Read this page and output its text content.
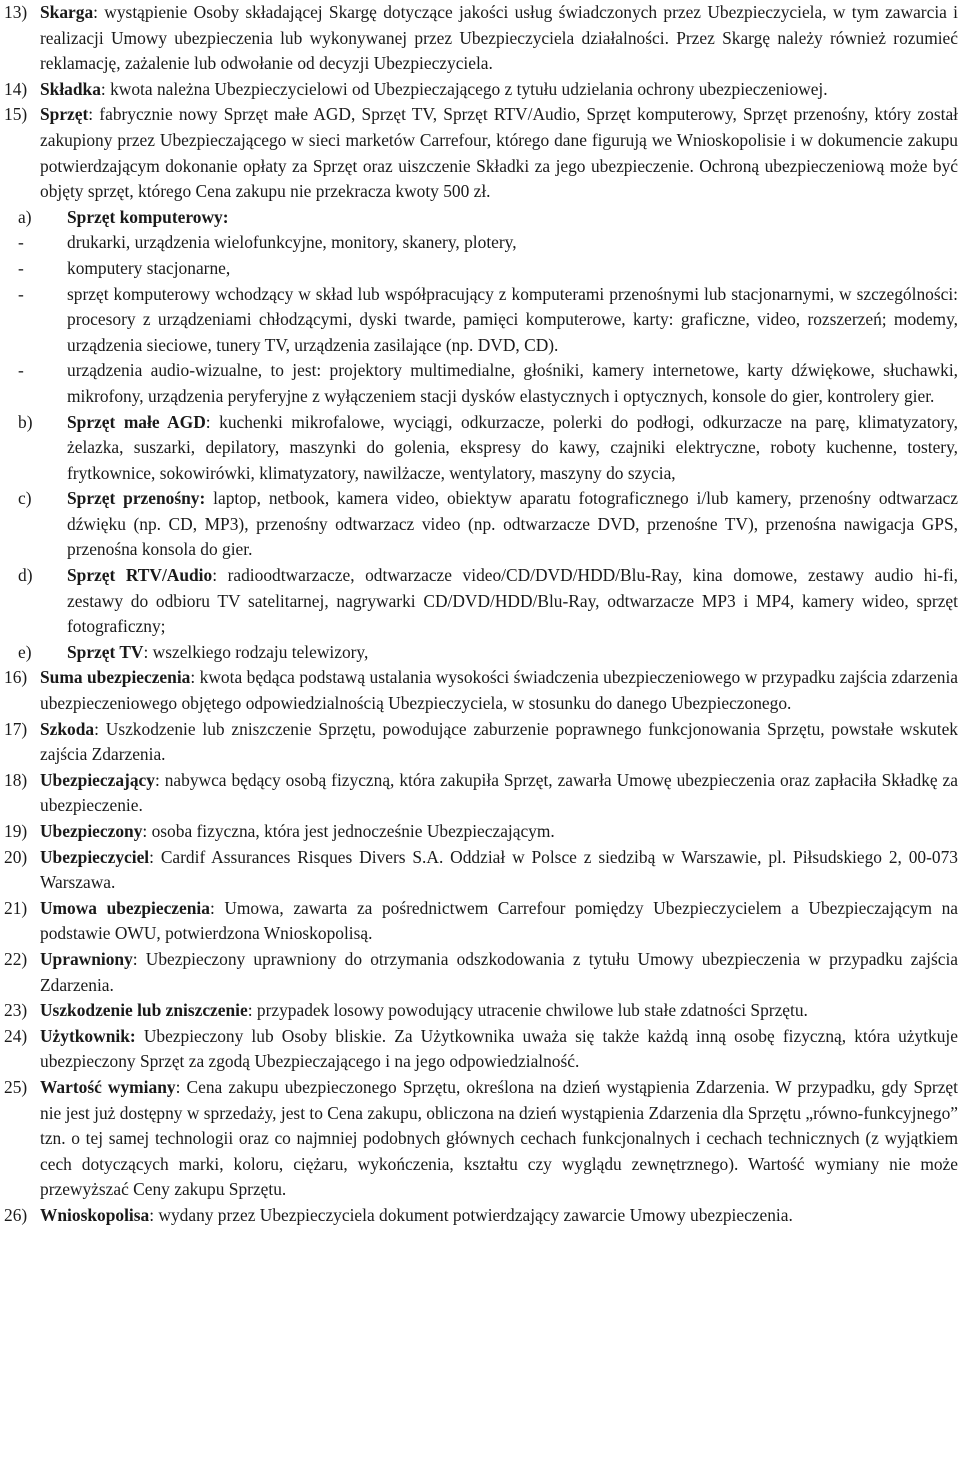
13) Skarga: wystąpienie Osoby składającej Skargę dotyczące jakości usług świadczonych przez Ubezpieczyciela, w tym zawarcia i realizacji Umowy ubezpieczenia lub wykonywanej przez Ubezpieczyciela działalności. Przez Skargę należy również rozumieć reklamację, zażalenie lub odwołanie od decyzji Ubezpieczyciela.
14) Składka: kwota należna Ubezpieczycielowi od Ubezpieczającego z tytułu udzielania ochrony ubezpieczeniowej.
15) Sprzęt: fabrycznie nowy Sprzęt małe AGD, Sprzęt TV, Sprzęt RTV/Audio, Sprzęt komputerowy, Sprzęt przenośny, który został zakupiony przez Ubezpieczającego w sieci marketów Carrefour, którego dane figurują we Wnioskopolisie i w dokumencie zakupu potwierdzającym dokonanie opłaty za Sprzęt oraz uiszczenie Składki za jego ubezpieczenie. Ochroną ubezpieczeniową może być objęty sprzęt, którego Cena zakupu nie przekracza kwoty 500 zł.
a) Sprzęt komputerowy:
- drukarki, urządzenia wielofunkcyjne, monitory, skanery, plotery,
- komputery stacjonarne,
- sprzęt komputerowy wchodzący w skład lub współpracujący z komputerami przenośnymi lub stacjonarnymi, w szczególności: procesory z urządzeniami chłodzącymi, dyski twarde, pamięci komputerowe, karty: graficzne, video, rozszerzeń; modemy, urządzenia sieciowe, tunery TV, urządzenia zasilające (np. DVD, CD).
- urządzenia audio-wizualne, to jest: projektory multimedialne, głośniki, kamery internetowe, karty dźwiękowe, słuchawki, mikrofony, urządzenia peryferyjne z wyłączeniem stacji dysków elastycznych i optycznych, konsole do gier, kontrolery gier.
b) Sprzęt małe AGD: kuchenki mikrofalowe, wyciągi, odkurzacze, polerki do podłogi, odkurzacze na parę, klimatyzatory, żelazka, suszarki, depilatory, maszynki do golenia, ekspresy do kawy, czajniki elektryczne, roboty kuchenne, tostery, frytkownice, sokowirówki, klimatyzatory, nawilżacze, wentylatory, maszyny do szycia,
c) Sprzęt przenośny: laptop, netbook, kamera video, obiektyw aparatu fotograficznego i/lub kamery, przenośny odtwarzacz dźwięku (np. CD, MP3), przenośny odtwarzacz video (np. odtwarzacze DVD, przenośne TV), przenośna nawigacja GPS, przenośna konsola do gier.
d) Sprzęt RTV/Audio: radioodtwarzacze, odtwarzacze video/CD/DVD/HDD/Blu-Ray, kina domowe, zestawy audio hi-fi, zestawy do odbioru TV satelitarnej, nagrywarki CD/DVD/HDD/Blu-Ray, odtwarzacze MP3 i MP4, kamery wideo, sprzęt fotograficzny;
e) Sprzęt TV: wszelkiego rodzaju telewizory,
16) Suma ubezpieczenia: kwota będąca podstawą ustalania wysokości świadczenia ubezpieczeniowego w przypadku zajścia zdarzenia ubezpieczeniowego objętego odpowiedzialnością Ubezpieczyciela, w stosunku do danego Ubezpieczonego.
17) Szkoda: Uszkodzenie lub zniszczenie Sprzętu, powodujące zaburzenie poprawnego funkcjonowania Sprzętu, powstałe wskutek zajścia Zdarzenia.
18) Ubezpieczający: nabywca będący osobą fizyczną, która zakupiła Sprzęt, zawarła Umowę ubezpieczenia oraz zapłaciła Składkę za ubezpieczenie.
19) Ubezpieczony: osoba fizyczna, która jest jednocześnie Ubezpieczającym.
20) Ubezpieczyciel: Cardif Assurances Risques Divers S.A. Oddział w Polsce z siedzibą w Warszawie, pl. Piłsudskiego 2, 00-073 Warszawa.
21) Umowa ubezpieczenia: Umowa, zawarta za pośrednictwem Carrefour pomiędzy Ubezpieczycielem a Ubezpieczającym na podstawie OWU, potwierdzona Wnioskopolisą.
22) Uprawniony: Ubezpieczony uprawniony do otrzymania odszkodowania z tytułu Umowy ubezpieczenia w przypadku zajścia Zdarzenia.
23) Uszkodzenie lub zniszczenie: przypadek losowy powodujący utracenie chwilowe lub stałe zdatności Sprzętu.
24) Użytkownik: Ubezpieczony lub Osoby bliskie. Za Użytkownika uważa się także każdą inną osobę fizyczną, która użytkuje ubezpieczony Sprzęt za zgodą Ubezpieczającego i na jego odpowiedzialność.
25) Wartość wymiany: Cena zakupu ubezpieczonego Sprzętu, określona na dzień wystąpienia Zdarzenia. W przypadku, gdy Sprzęt nie jest już dostępny w sprzedaży, jest to Cena zakupu, obliczona na dzień wystąpienia Zdarzenia dla Sprzętu „równo-funkcyjnego” tzn. o tej samej technologii oraz co najmniej podobnych głównych cechach funkcjonalnych i cechach technicznych (z wyjątkiem cech dotyczących marki, koloru, ciężaru, wykończenia, kształtu czy wyglądu zewnętrznego). Wartość wymiany nie może przewyższać Ceny zakupu Sprzętu.
26) Wnioskopolisa: wydany przez Ubezpieczyciela dokument potwierdzający zawarcie Umowy ubezpieczenia.
